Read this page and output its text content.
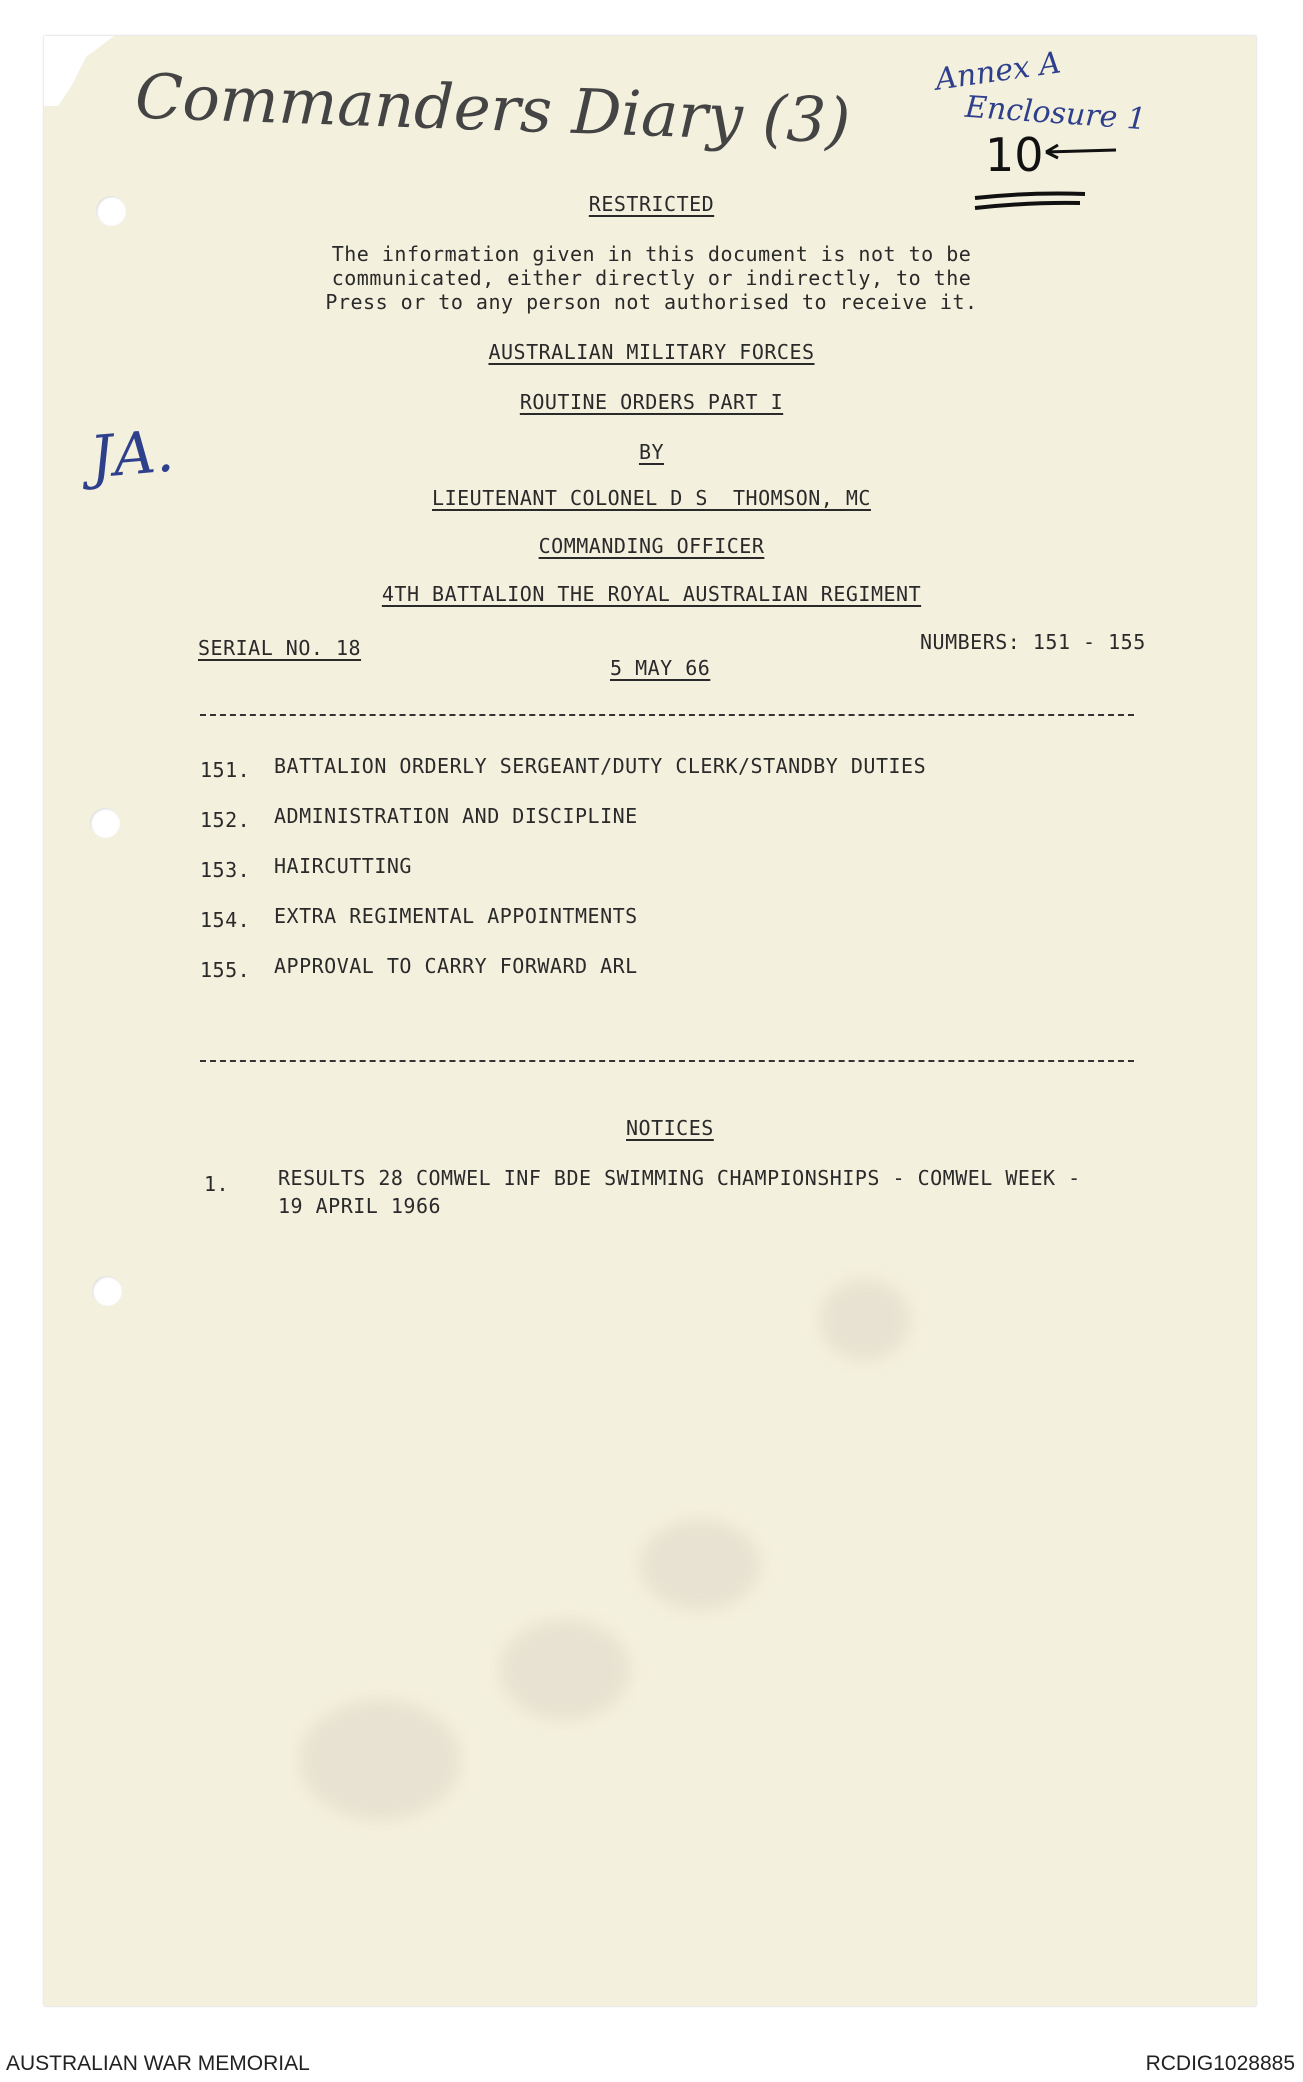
Commanders Diary (3)	Annex A
Enclosure 1
10
JA.
RESTRICTED
The information given in this document is not to be
communicated, either directly or indirectly, to the
Press or to any person not authorised to receive it.
AUSTRALIAN MILITARY FORCES
ROUTINE ORDERS PART I
BY
LIEUTENANT COLONEL D S  THOMSON, MC
COMMANDING OFFICER
4TH BATTALION THE ROYAL AUSTRALIAN REGIMENT
SERIAL NO. 18	NUMBERS: 151 - 155
5 MAY 66
151. BATTALION ORDERLY SERGEANT/DUTY CLERK/STANDBY DUTIES
152. ADMINISTRATION AND DISCIPLINE
153. HAIRCUTTING
154. EXTRA REGIMENTAL APPOINTMENTS
155. APPROVAL TO CARRY FORWARD ARL
NOTICES
1. RESULTS 28 COMWEL INF BDE SWIMMING CHAMPIONSHIPS - COMWEL WEEK -
19 APRIL 1966
AUSTRALIAN WAR MEMORIAL	RCDIG1028885
